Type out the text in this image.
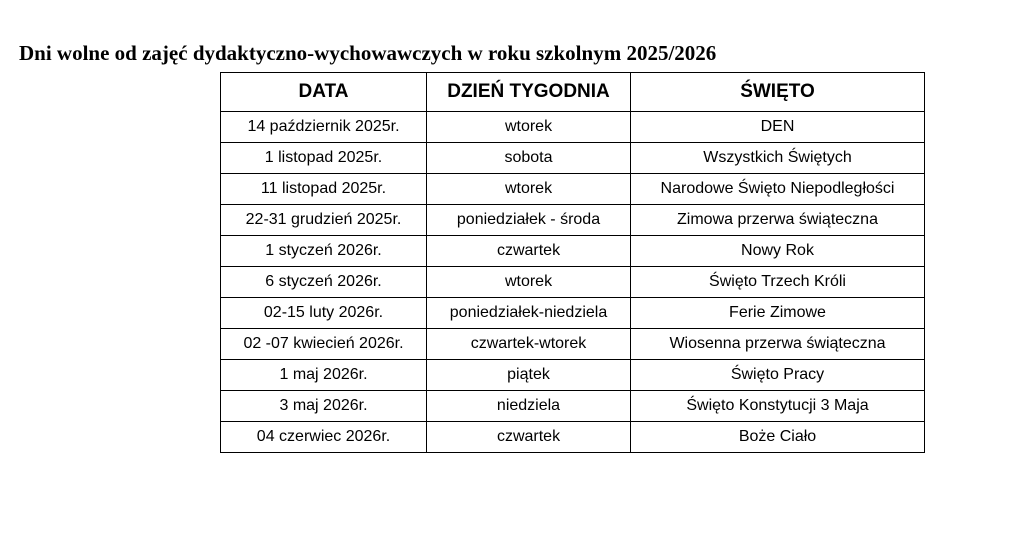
Dni wolne od zajęć dydaktyczno-wychowawczych w roku szkolnym 2025/2026
DATA	DZIEŃ TYGODNIA	ŚWIĘTO
14 październik 2025r.	wtorek	DEN
1 listopad 2025r.	sobota	Wszystkich Świętych
11 listopad 2025r.	wtorek	Narodowe Święto Niepodległości
22-31 grudzień 2025r.	poniedziałek - środa	Zimowa przerwa świąteczna
1 styczeń 2026r.	czwartek	Nowy Rok
6 styczeń 2026r.	wtorek	Święto Trzech Króli
02-15 luty 2026r.	poniedziałek-niedziela	Ferie Zimowe
02 -07 kwiecień 2026r.	czwartek-wtorek	Wiosenna przerwa świąteczna
1 maj 2026r.	piątek	Święto Pracy
3 maj 2026r.	niedziela	Święto Konstytucji 3 Maja
04 czerwiec 2026r.	czwartek	Boże Ciało
